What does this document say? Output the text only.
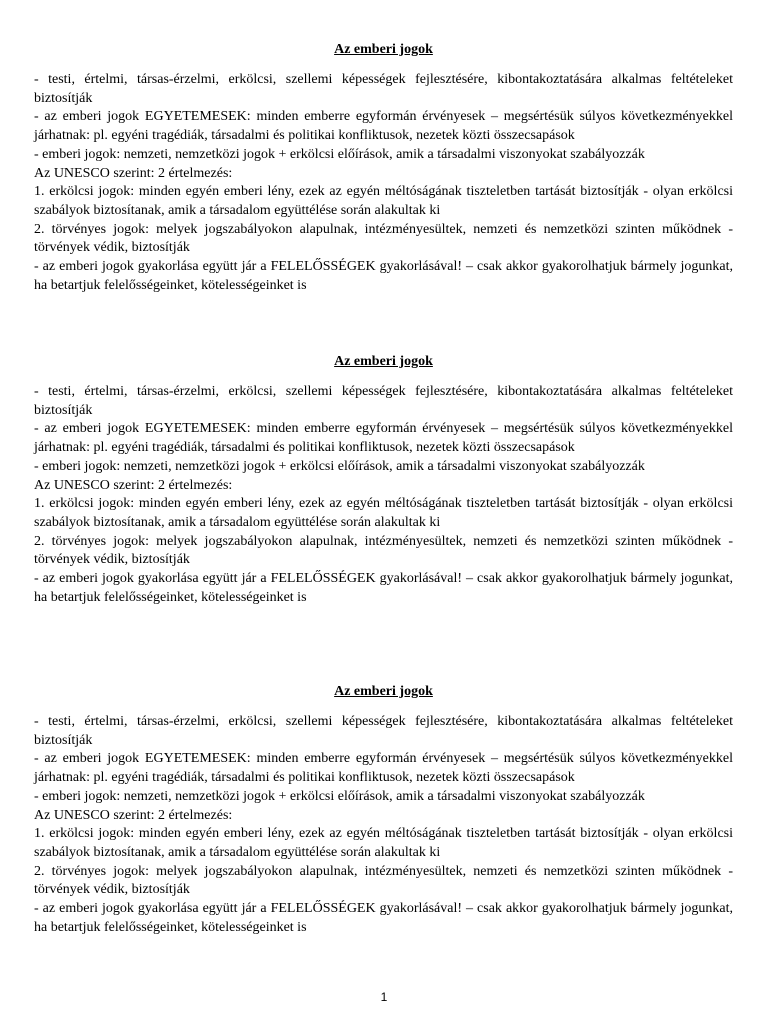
Az emberi jogok

- testi, értelmi, társas-érzelmi, erkölcsi, szellemi képességek fejlesztésére, kibontakoztatására alkalmas feltételeket biztosítják

- az emberi jogok EGYETEMESEK: minden emberre egyformán érvényesek – megsértésük súlyos következményekkel járhatnak: pl. egyéni tragédiák, társadalmi és politikai konfliktusok, nezetek közti összecsapások

- emberi jogok: nemzeti, nemzetközi jogok + erkölcsi előírások, amik a társadalmi viszonyokat szabályozzák

Az UNESCO szerint: 2 értelmezés:

1. erkölcsi jogok: minden egyén emberi lény, ezek az egyén méltóságának tiszteletben tartását biztosítják - olyan erkölcsi szabályok biztosítanak, amik a társadalom együttélése során alakultak ki

2. törvényes jogok: melyek jogszabályokon alapulnak, intézményesültek, nemzeti és nemzetközi szinten működnek - törvények védik, biztosítják

- az emberi jogok gyakorlása együtt jár a FELELŐSSÉGEK gyakorlásával! – csak akkor gyakorolhatjuk bármely jogunkat, ha betartjuk felelősségeinket, kötelességeinket is

Az emberi jogok

- testi, értelmi, társas-érzelmi, erkölcsi, szellemi képességek fejlesztésére, kibontakoztatására alkalmas feltételeket biztosítják

- az emberi jogok EGYETEMESEK: minden emberre egyformán érvényesek – megsértésük súlyos következményekkel járhatnak: pl. egyéni tragédiák, társadalmi és politikai konfliktusok, nezetek közti összecsapások

- emberi jogok: nemzeti, nemzetközi jogok + erkölcsi előírások, amik a társadalmi viszonyokat szabályozzák

Az UNESCO szerint: 2 értelmezés:

1. erkölcsi jogok: minden egyén emberi lény, ezek az egyén méltóságának tiszteletben tartását biztosítják - olyan erkölcsi szabályok biztosítanak, amik a társadalom együttélése során alakultak ki

2. törvényes jogok: melyek jogszabályokon alapulnak, intézményesültek, nemzeti és nemzetközi szinten működnek - törvények védik, biztosítják

- az emberi jogok gyakorlása együtt jár a FELELŐSSÉGEK gyakorlásával! – csak akkor gyakorolhatjuk bármely jogunkat, ha betartjuk felelősségeinket, kötelességeinket is

Az emberi jogok

- testi, értelmi, társas-érzelmi, erkölcsi, szellemi képességek fejlesztésére, kibontakoztatására alkalmas feltételeket biztosítják

- az emberi jogok EGYETEMESEK: minden emberre egyformán érvényesek – megsértésük súlyos következményekkel járhatnak: pl. egyéni tragédiák, társadalmi és politikai konfliktusok, nezetek közti összecsapások

- emberi jogok: nemzeti, nemzetközi jogok + erkölcsi előírások, amik a társadalmi viszonyokat szabályozzák

Az UNESCO szerint: 2 értelmezés:

1. erkölcsi jogok: minden egyén emberi lény, ezek az egyén méltóságának tiszteletben tartását biztosítják - olyan erkölcsi szabályok biztosítanak, amik a társadalom együttélése során alakultak ki

2. törvényes jogok: melyek jogszabályokon alapulnak, intézményesültek, nemzeti és nemzetközi szinten működnek - törvények védik, biztosítják

- az emberi jogok gyakorlása együtt jár a FELELŐSSÉGEK gyakorlásával! – csak akkor gyakorolhatjuk bármely jogunkat, ha betartjuk felelősségeinket, kötelességeinket is

1
